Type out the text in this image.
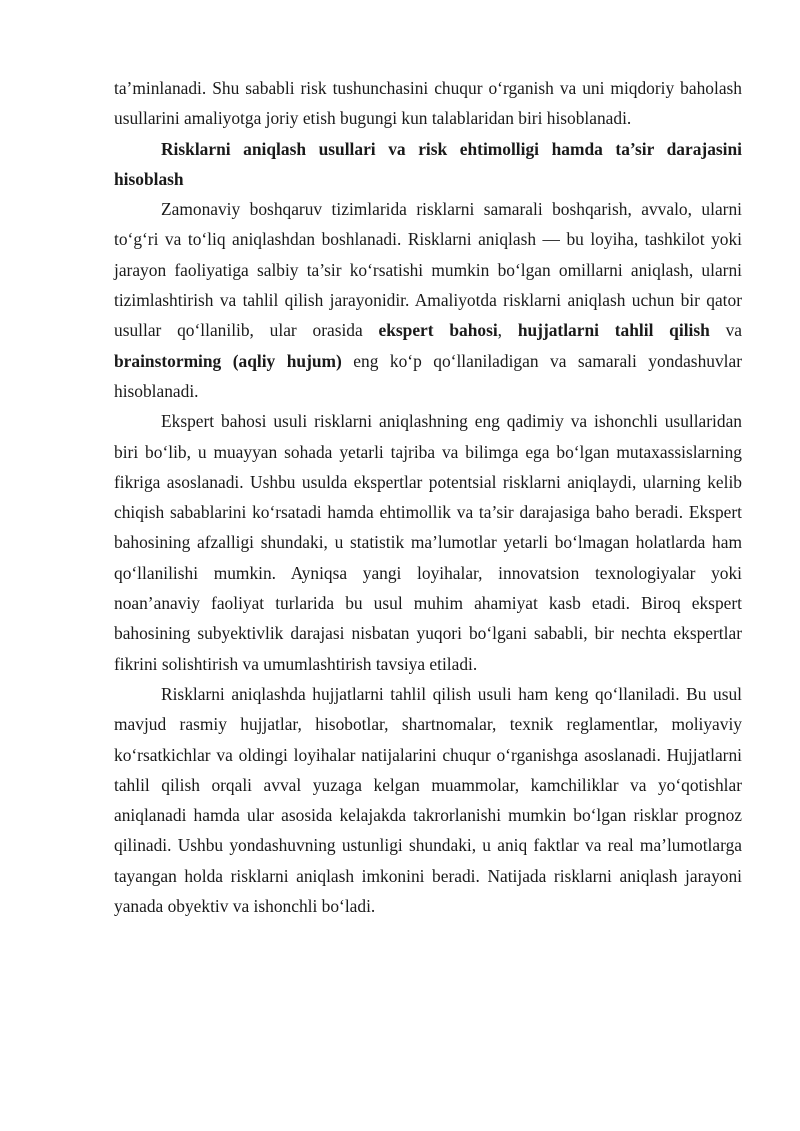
ta’minlanadi. Shu sababli risk tushunchasini chuqur o‘rganish va uni miqdoriy baholash usullarini amaliyotga joriy etish bugungi kun talablaridan biri hisoblanadi.

Risklarni aniqlash usullari va risk ehtimolligi hamda ta’sir darajasini hisoblash

Zamonaviy boshqaruv tizimlarida risklarni samarali boshqarish, avvalo, ularni to‘g‘ri va to‘liq aniqlashdan boshlanadi. Risklarni aniqlash — bu loyiha, tashkilot yoki jarayon faoliyatiga salbiy ta’sir ko‘rsatishi mumkin bo‘lgan omillarni aniqlash, ularni tizimlashtirish va tahlil qilish jarayonidir. Amaliyotda risklarni aniqlash uchun bir qator usullar qo‘llanilib, ular orasida ekspert bahosi, hujjatlarni tahlil qilish va brainstorming (aqliy hujum) eng ko‘p qo‘llaniladigan va samarali yondashuvlar hisoblanadi.

Ekspert bahosi usuli risklarni aniqlashning eng qadimiy va ishonchli usullaridan biri bo‘lib, u muayyan sohada yetarli tajriba va bilimga ega bo‘lgan mutaxassislarning fikriga asoslanadi. Ushbu usulda ekspertlar potentsial risklarni aniqlaydi, ularning kelib chiqish sabablarini ko‘rsatadi hamda ehtimollik va ta’sir darajasiga baho beradi. Ekspert bahosining afzalligi shundaki, u statistik ma’lumotlar yetarli bo‘lmagan holatlarda ham qo‘llanilishi mumkin. Ayniqsa yangi loyihalar, innovatsion texnologiyalar yoki noan’anaviy faoliyat turlarida bu usul muhim ahamiyat kasb etadi. Biroq ekspert bahosining subyektivlik darajasi nisbatan yuqori bo‘lgani sababli, bir nechta ekspertlar fikrini solishtirish va umumlashtirish tavsiya etiladi.

Risklarni aniqlashda hujjatlarni tahlil qilish usuli ham keng qo‘llaniladi. Bu usul mavjud rasmiy hujjatlar, hisobotlar, shartnomalar, texnik reglamentlar, moliyaviy ko‘rsatkichlar va oldingi loyihalar natijalarini chuqur o‘rganishga asoslanadi. Hujjatlarni tahlil qilish orqali avval yuzaga kelgan muammolar, kamchiliklar va yo‘qotishlar aniqlanadi hamda ular asosida kelajakda takrorlanishi mumkin bo‘lgan risklar prognoz qilinadi. Ushbu yondashuvning ustunligi shundaki, u aniq faktlar va real ma’lumotlarga tayangan holda risklarni aniqlash imkonini beradi. Natijada risklarni aniqlash jarayoni yanada obyektiv va ishonchli bo‘ladi.
